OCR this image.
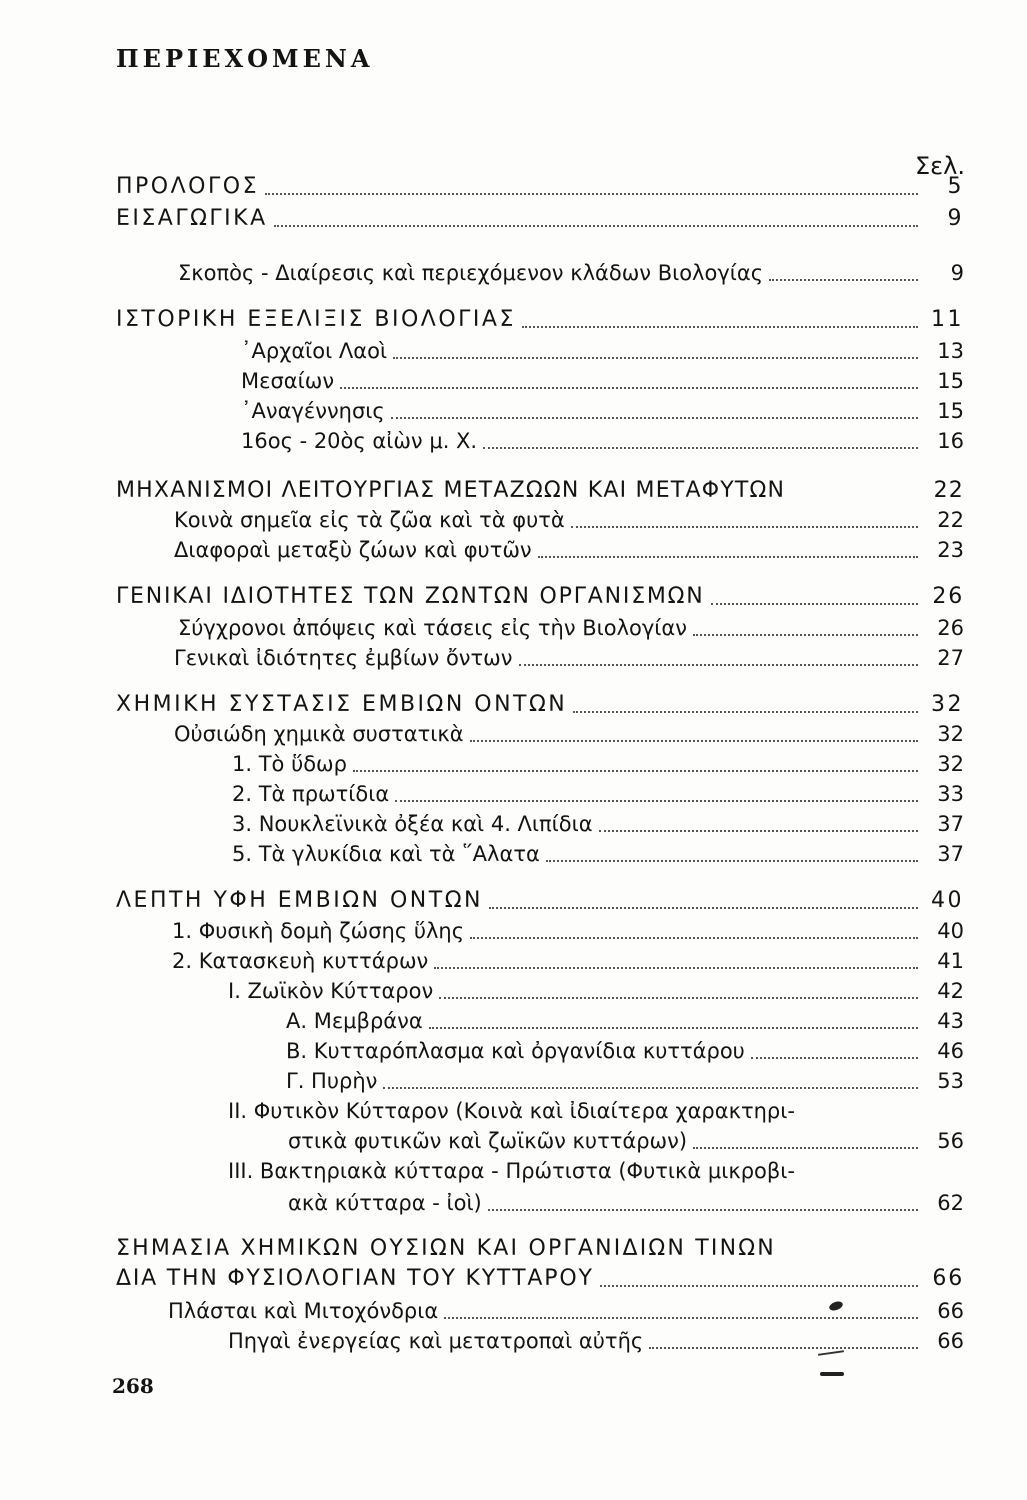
ΠΕΡΙΕΧΟΜΕΝΑ
Σελ.
ΠΡΟΛΟΓΟΣ	5
ΕΙΣΑΓΩΓΙΚΑ	9
Σκοπὸς - Διαίρεσις καὶ περιεχόμενον κλάδων Βιολογίας	9
ΙΣΤΟΡΙΚΗ ΕΞΕΛΙΞΙΣ ΒΙΟΛΟΓΙΑΣ	11
᾿Αρχαῖοι Λαοὶ	13
Μεσαίων	15
᾿Αναγέννησις	15
16ος - 20ὸς αἰὼν μ. Χ.	16
ΜΗΧΑΝΙΣΜΟΙ ΛΕΙΤΟΥΡΓΙΑΣ ΜΕΤΑΖΩΩΝ ΚΑΙ ΜΕΤΑΦΥΤΩΝ	22
Κοινὰ σημεῖα εἰς τὰ ζῶα καὶ τὰ φυτὰ	22
Διαφοραὶ μεταξὺ ζώων καὶ φυτῶν	23
ΓΕΝΙΚΑΙ ΙΔΙΟΤΗΤΕΣ ΤΩΝ ΖΩΝΤΩΝ ΟΡΓΑΝΙΣΜΩΝ	26
Σύγχρονοι ἀπόψεις καὶ τάσεις εἰς τὴν Βιολογίαν	26
Γενικαὶ ἰδιότητες ἐμβίων ὄντων	27
ΧΗΜΙΚΗ ΣΥΣΤΑΣΙΣ ΕΜΒΙΩΝ ΟΝΤΩΝ	32
Οὐσιώδη χημικὰ συστατικὰ	32
1. Τὸ ὕδωρ	32
2. Τὰ πρωτίδια	33
3. Νουκλεϊνικὰ ὀξέα καὶ 4. Λιπίδια	37
5. Τὰ γλυκίδια καὶ τὰ ῞Αλατα	37
ΛΕΠΤΗ ΥΦΗ ΕΜΒΙΩΝ ΟΝΤΩΝ	40
1. Φυσικὴ δομὴ ζώσης ὕλης	40
2. Κατασκευὴ κυττάρων	41
I. Ζωϊκὸν Κύτταρον	42
Α. Μεμβράνα	43
Β. Κυτταρόπλασμα καὶ ὀργανίδια κυττάρου	46
Γ. Πυρὴν	53
II. Φυτικὸν Κύτταρον (Κοινὰ καὶ ἰδιαίτερα χαρακτηρι-
στικὰ φυτικῶν καὶ ζωϊκῶν κυττάρων)	56
III. Βακτηριακὰ κύτταρα - Πρώτιστα (Φυτικὰ μικροβι-
ακὰ κύτταρα - ἰοὶ)	62
ΣΗΜΑΣΙΑ ΧΗΜΙΚΩΝ ΟΥΣΙΩΝ ΚΑΙ ΟΡΓΑΝΙΔΙΩΝ ΤΙΝΩΝ
ΔΙΑ ΤΗΝ ΦΥΣΙΟΛΟΓΙΑΝ ΤΟΥ ΚΥΤΤΑΡΟΥ	66
Πλάσται καὶ Μιτοχόνδρια	66
Πηγαὶ ἐνεργείας καὶ μετατροπαὶ αὐτῆς	66
268
